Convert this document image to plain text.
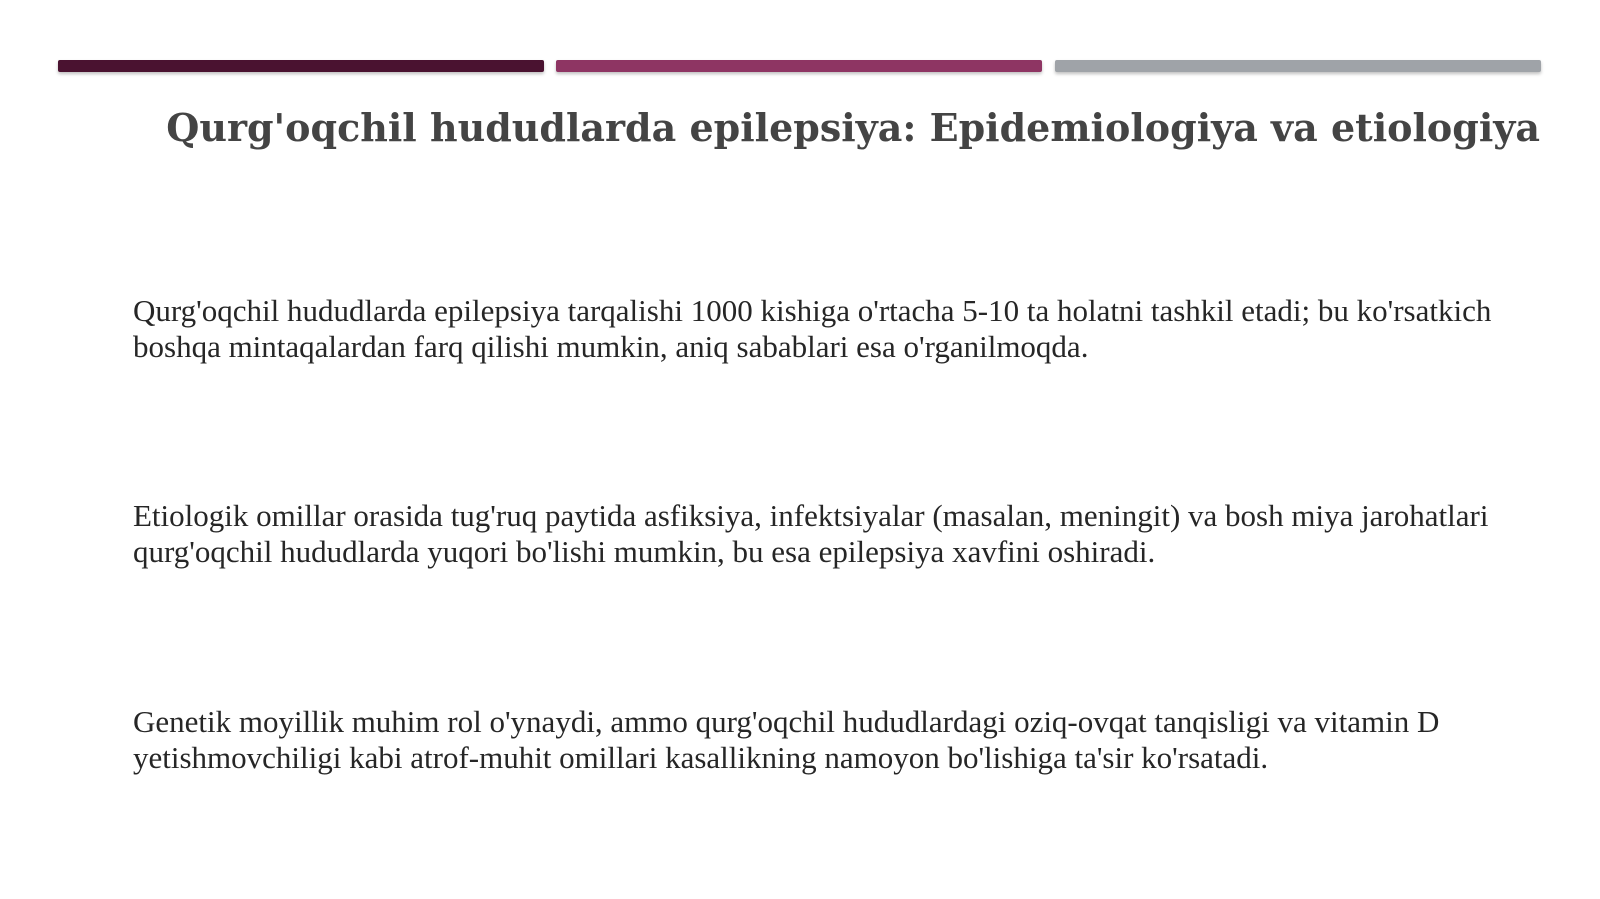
Qurg'oqchil hududlarda epilepsiya: Epidemiologiya va etiologiya

Qurg'oqchil hududlarda epilepsiya tarqalishi 1000 kishiga o'rtacha 5-10 ta holatni tashkil etadi; bu ko'rsatkich boshqa mintaqalardan farq qilishi mumkin, aniq sabablari esa o'rganilmoqda.

Etiologik omillar orasida tug'ruq paytida asfiksiya, infektsiyalar (masalan, meningit) va bosh miya jarohatlari qurg'oqchil hududlarda yuqori bo'lishi mumkin, bu esa epilepsiya xavfini oshiradi.

Genetik moyillik muhim rol o'ynaydi, ammo qurg'oqchil hududlardagi oziq-ovqat tanqisligi va vitamin D yetishmovchiligi kabi atrof-muhit omillari kasallikning namoyon bo'lishiga ta'sir ko'rsatadi.
